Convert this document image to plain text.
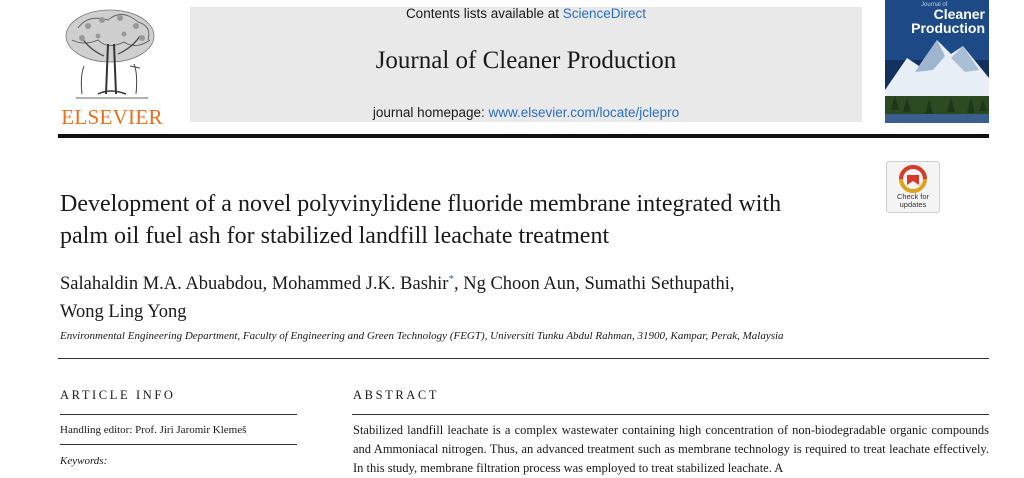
ELSEVIER
Contents lists available at ScienceDirect
Journal of Cleaner Production
journal homepage: www.elsevier.com/locate/jclepro
Journal of
Cleaner
Production
Check for
updates
Development of a novel polyvinylidene fluoride membrane integrated with
palm oil fuel ash for stabilized landfill leachate treatment
Salahaldin M.A. Abuabdou, Mohammed J.K. Bashir*, Ng Choon Aun, Sumathi Sethupathi,
Wong Ling Yong
Environmental Engineering Department, Faculty of Engineering and Green Technology (FEGT), Universiti Tunku Abdul Rahman, 31900, Kampar, Perak, Malaysia
ARTICLE INFO
Handling editor: Prof. Jiri Jaromir Klemeš
Keywords:
ABSTRACT
Stabilized landfill leachate is a complex wastewater containing high concentration of non-biodegradable organic compounds and Ammoniacal nitrogen. Thus, an advanced treatment such as membrane technology is required to treat leachate effectively. In this study, membrane filtration process was employed to treat stabilized leachate. A
